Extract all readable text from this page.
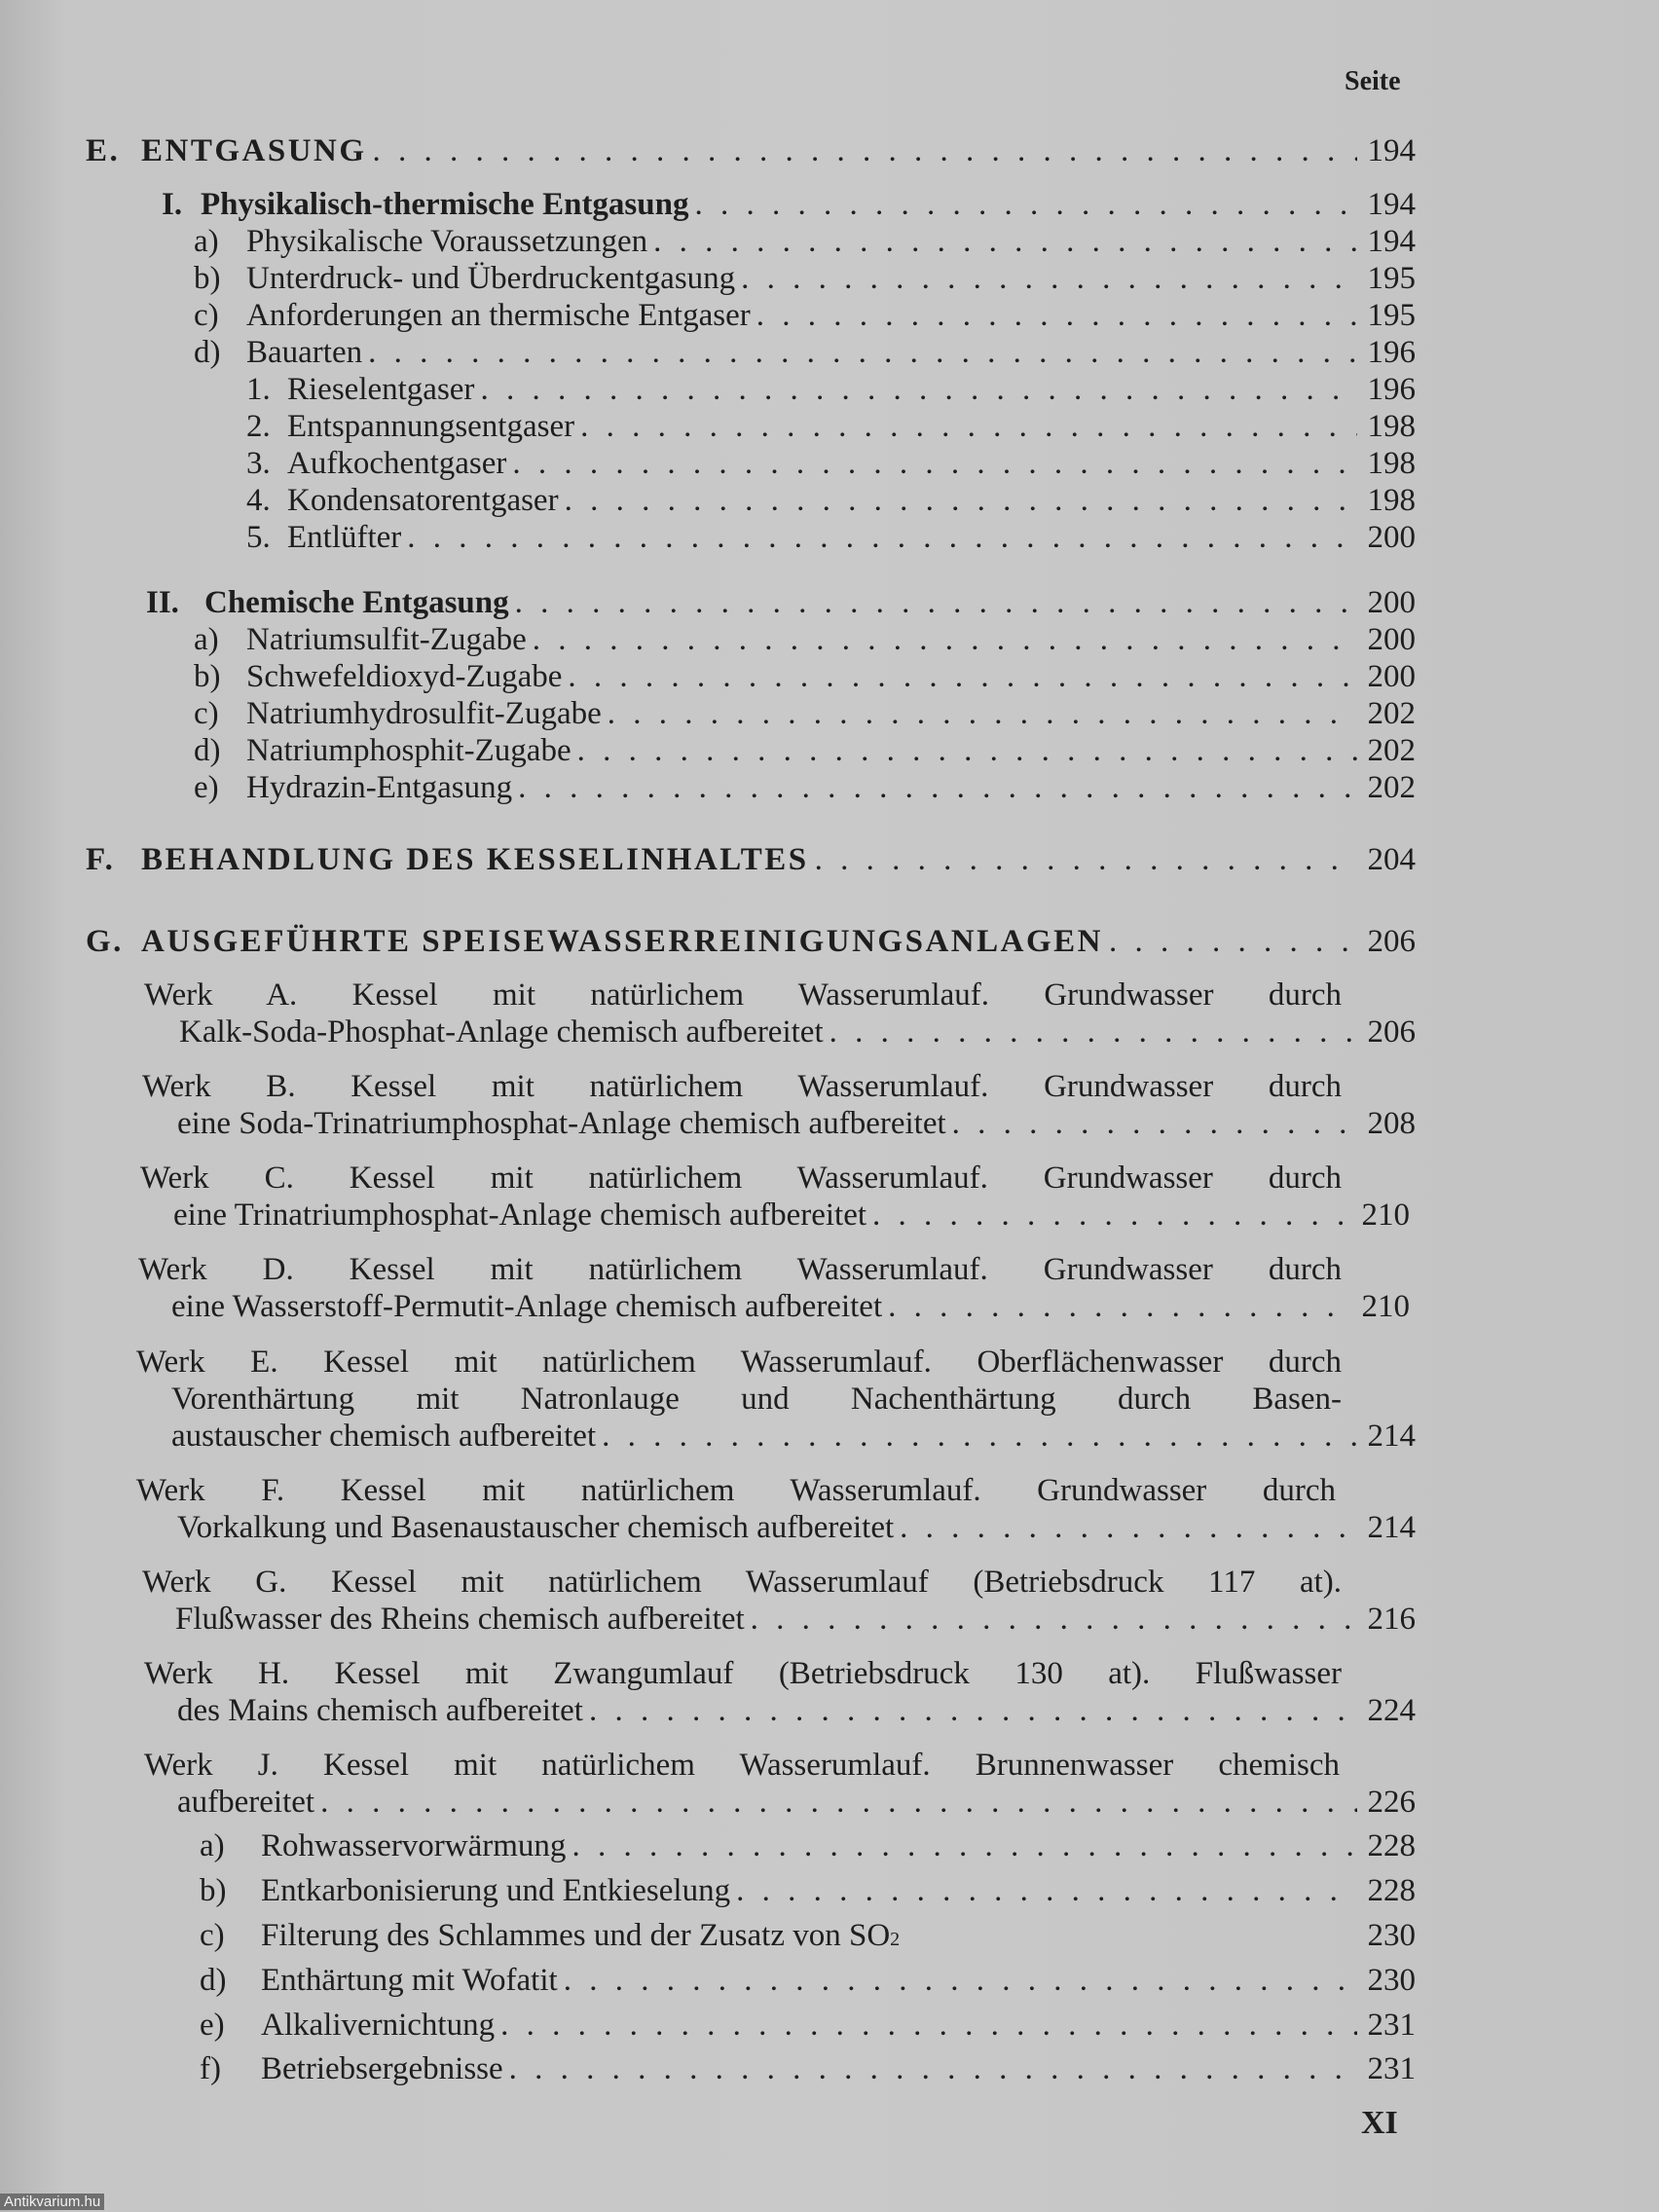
Seite
E. ENTGASUNG . . .	194
I. Physikalisch-thermische Entgasung . . .	194
a) Physikalische Voraussetzungen . . .	194
b) Unterdruck- und Überdruckentgasung . . .	195
c) Anforderungen an thermische Entgaser . . .	195
d) Bauarten . . .	196
1. Rieselentgaser . . .	196
2. Entspannungsentgaser . . .	198
3. Aufkochentgaser . . .	198
4. Kondensatorentgaser . . .	198
5. Entlüfter . . .	200
II. Chemische Entgasung . . .	200
a) Natriumsulfit-Zugabe . . .	200
b) Schwefeldioxyd-Zugabe . . .	200
c) Natriumhydrosulfit-Zugabe . . .	202
d) Natriumphosphit-Zugabe . . .	202
e) Hydrazin-Entgasung . . .	202
F. BEHANDLUNG DES KESSELINHALTES . . .	204
G. AUSGEFÜHRTE SPEISEWASSERREINIGUNGSANLAGEN . . .	206
Werk A. Kessel mit natürlichem Wasserumlauf. Grundwasser durch
Kalk-Soda-Phosphat-Anlage chemisch aufbereitet . . .	206
Werk B. Kessel mit natürlichem Wasserumlauf. Grundwasser durch
eine Soda-Trinatriumphosphat-Anlage chemisch aufbereitet . . .	208
Werk C. Kessel mit natürlichem Wasserumlauf. Grundwasser durch
eine Trinatriumphosphat-Anlage chemisch aufbereitet . . .	210
Werk D. Kessel mit natürlichem Wasserumlauf. Grundwasser durch
eine Wasserstoff-Permutit-Anlage chemisch aufbereitet . . .	210
Werk E. Kessel mit natürlichem Wasserumlauf. Oberflächenwasser durch
Vorenthärtung mit Natronlauge und Nachenthärtung durch Basen-
austauscher chemisch aufbereitet . . .	214
Werk F. Kessel mit natürlichem Wasserumlauf. Grundwasser durch
Vorkalkung und Basenaustauscher chemisch aufbereitet . . .	214
Werk G. Kessel mit natürlichem Wasserumlauf (Betriebsdruck 117 at).
Flußwasser des Rheins chemisch aufbereitet . . .	216
Werk H. Kessel mit Zwangumlauf (Betriebsdruck 130 at). Flußwasser
des Mains chemisch aufbereitet . . .	224
Werk J. Kessel mit natürlichem Wasserumlauf. Brunnenwasser chemisch
aufbereitet . . .	226
a)	Rohwasservorwärmung . . .	228
b)	Entkarbonisierung und Entkieselung . . .	228
c)	Filterung des Schlammes und der Zusatz von SO 2	230
d)	Enthärtung mit Wofatit . . .	230
e)	Alkalivernichtung . . .	231
f)	Betriebsergebnisse . . .	231
XI
Antikvarium.hu
